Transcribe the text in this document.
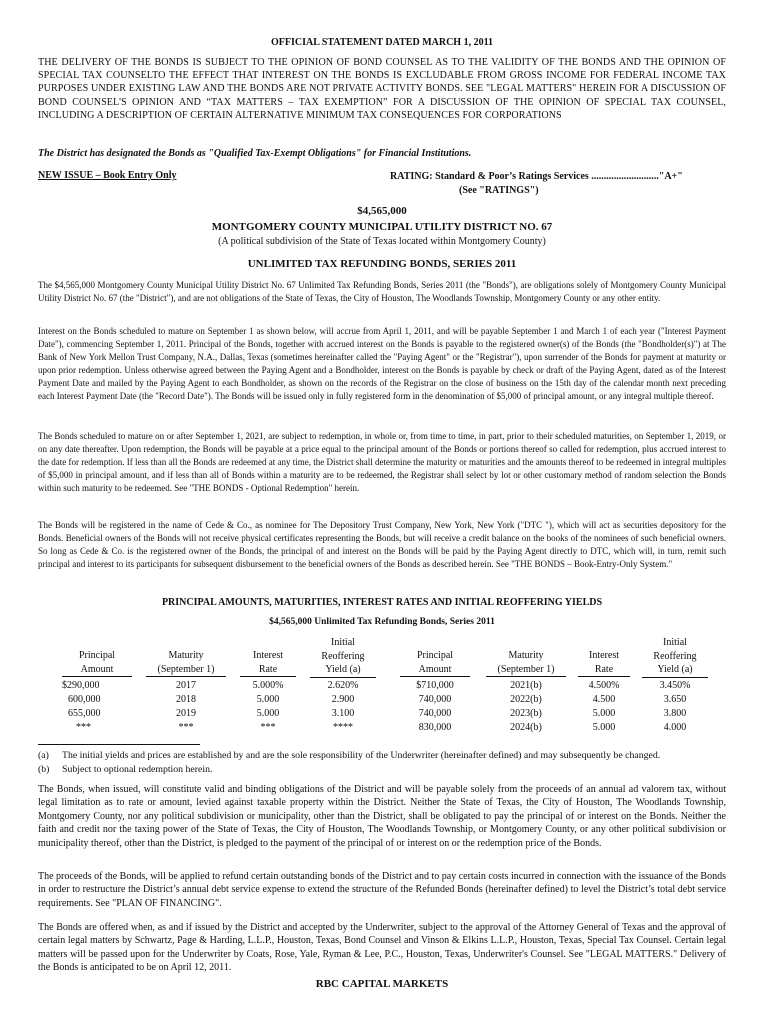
OFFICIAL STATEMENT DATED MARCH 1, 2011

THE DELIVERY OF THE BONDS IS SUBJECT TO THE OPINION OF BOND COUNSEL AS TO THE VALIDITY OF THE BONDS AND THE OPINION OF SPECIAL TAX COUNSELTO THE EFFECT THAT INTEREST ON THE BONDS IS EXCLUDABLE FROM GROSS INCOME FOR FEDERAL INCOME TAX PURPOSES UNDER EXISTING LAW AND THE BONDS ARE NOT PRIVATE ACTIVITY BONDS. SEE "LEGAL MATTERS" HEREIN FOR A DISCUSSION OF BOND COUNSEL'S OPINION AND “TAX MATTERS – TAX EXEMPTION” FOR A DISCUSSION OF THE OPINION OF SPECIAL TAX COUNSEL, INCLUDING A DESCRIPTION OF CERTAIN ALTERNATIVE MINIMUM TAX CONSEQUENCES FOR CORPORATIONS

The District has designated the Bonds as "Qualified Tax-Exempt Obligations" for Financial Institutions.

NEW ISSUE – Book Entry Only	RATING: Standard & Poor’s Ratings Services ..........................."A+"
(See "RATINGS")
$4,565,000
MONTGOMERY COUNTY MUNICIPAL UTILITY DISTRICT NO. 67
(A political subdivision of the State of Texas located within Montgomery County)
UNLIMITED TAX REFUNDING BONDS, SERIES 2011

The $4,565,000 Montgomery County Municipal Utility District No. 67 Unlimited Tax Refunding Bonds, Series 2011 (the "Bonds"), are obligations solely of Montgomery County Municipal Utility District No. 67 (the "District"), and are not obligations of the State of Texas, the City of Houston, The Woodlands Township, Montgomery County or any other entity.

Interest on the Bonds scheduled to mature on September 1 as shown below, will accrue from April 1, 2011, and will be payable September 1 and March 1 of each year ("Interest Payment Date"), commencing September 1, 2011. Principal of the Bonds, together with accrued interest on the Bonds is payable to the registered owner(s) of the Bonds (the "Bondholder(s)") at The Bank of New York Mellon Trust Company, N.A., Dallas, Texas (sometimes hereinafter called the "Paying Agent" or the "Registrar"), upon surrender of the Bonds for payment at maturity or upon prior redemption. Unless otherwise agreed between the Paying Agent and a Bondholder, interest on the Bonds is payable by check or draft of the Paying Agent, dated as of the Interest Payment Date and mailed by the Paying Agent to each Bondholder, as shown on the records of the Registrar on the close of business on the 15th day of the calendar month next preceding each Interest Payment Date (the "Record Date"). The Bonds will be issued only in fully registered form in the denomination of $5,000 of principal amount, or any integral multiple thereof.

The Bonds scheduled to mature on or after September 1, 2021, are subject to redemption, in whole or, from time to time, in part, prior to their scheduled maturities, on September 1, 2019, or on any date thereafter. Upon redemption, the Bonds will be payable at a price equal to the principal amount of the Bonds or portions thereof so called for redemption, plus accrued interest to the date for redemption. If less than all the Bonds are redeemed at any time, the District shall determine the maturity or maturities and the amounts thereof to be redeemed in integral multiples of $5,000 in principal amount, and if less than all of Bonds within a maturity are to be redeemed, the Registrar shall select by lot or other customary method of random selection the Bonds within such maturity to be redeemed. See "THE BONDS - Optional Redemption" herein.

The Bonds will be registered in the name of Cede & Co., as nominee for The Depository Trust Company, New York, New York ("DTC "), which will act as securities depository for the Bonds. Beneficial owners of the Bonds will not receive physical certificates representing the Bonds, but will receive a credit balance on the books of the nominees of such beneficial owners. So long as Cede & Co. is the registered owner of the Bonds, the principal of and interest on the Bonds will be paid by the Paying Agent directly to DTC, which will, in turn, remit such principal and interest to its participants for subsequent disbursement to the beneficial owners of the Bonds as described herein. See "THE BONDS – Book-Entry-Only System."

PRINCIPAL AMOUNTS, MATURITIES, INTEREST RATES AND INITIAL REOFFERING YIELDS
$4,565,000 Unlimited Tax Refunding Bonds, Series 2011
Principal
Amount
Maturity
(September 1)
Interest
Rate
Initial
Reoffering
Yield (a)
Principal
Amount
Maturity
(September 1)
Interest
Rate
Initial
Reoffering
Yield (a)
$290,000
600,000
655,000
***
2017
2018
2019
***
5.000%
5.000
5.000
***
2.620%
2.900
3.100
****
$710,000
740,000
740,000
830,000
2021(b)
2022(b)
2023(b)
2024(b)
4.500%
4.500
5.000
5.000
3.450%
3.650
3.800
4.000
(a) The initial yields and prices are established by and are the sole responsibility of the Underwriter (hereinafter defined) and may subsequently be changed.
(b) Subject to optional redemption herein.

The Bonds, when issued, will constitute valid and binding obligations of the District and will be payable solely from the proceeds of an annual ad valorem tax, without legal limitation as to rate or amount, levied against taxable property within the District. Neither the State of Texas, the City of Houston, The Woodlands Township, Montgomery County, nor any political subdivision or municipality, other than the District, shall be obligated to pay the principal of or interest on the Bonds. Neither the faith and credit nor the taxing power of the State of Texas, the City of Houston, The Woodlands Township, or Montgomery County, or any other political subdivision or municipality thereof, other than the District, is pledged to the payment of the principal of or interest on or the redemption price of the Bonds.

The proceeds of the Bonds, will be applied to refund certain outstanding bonds of the District and to pay certain costs incurred in connection with the issuance of the Bonds in order to restructure the District’s annual debt service expense to extend the structure of the Refunded Bonds (hereinafter defined) to level the District’s total debt service requirements. See "PLAN OF FINANCING".

The Bonds are offered when, as and if issued by the District and accepted by the Underwriter, subject to the approval of the Attorney General of Texas and the approval of certain legal matters by Schwartz, Page & Harding, L.L.P., Houston, Texas, Bond Counsel and Vinson & Elkins L.L.P., Houston, Texas, Special Tax Counsel. Certain legal matters will be passed upon for the Underwriter by Coats, Rose, Yale, Ryman & Lee, P.C., Houston, Texas, Underwriter's Counsel. See "LEGAL MATTERS." Delivery of the Bonds is anticipated to be on April 12, 2011.

RBC CAPITAL MARKETS
